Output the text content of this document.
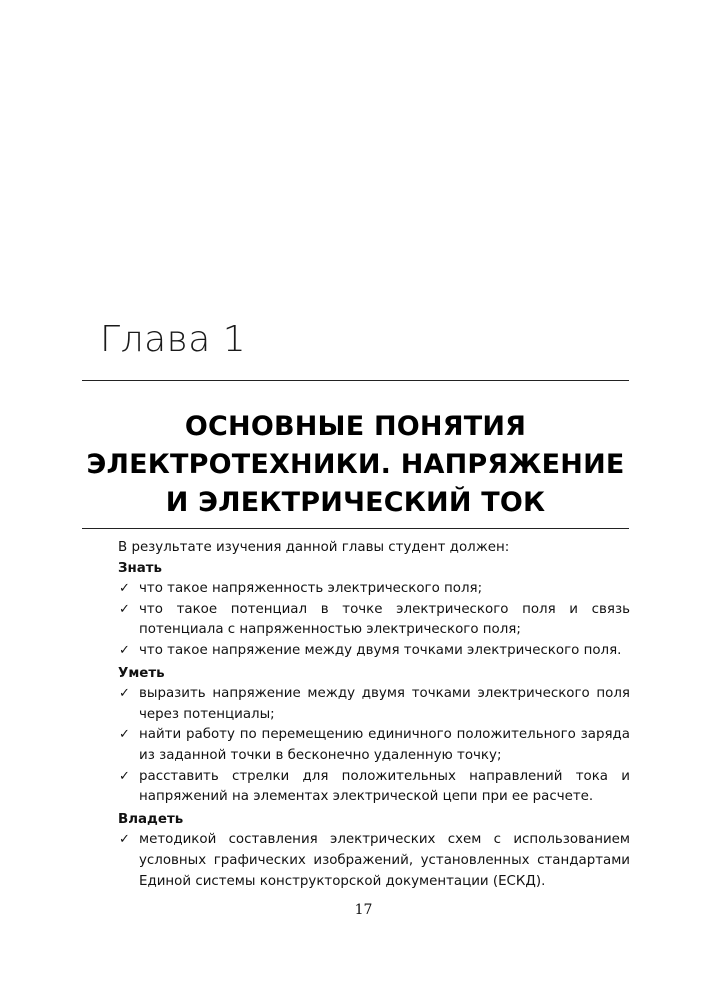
Глава 1
ОСНОВНЫЕ ПОНЯТИЯ
ЭЛЕКТРОТЕХНИКИ. НАПРЯЖЕНИЕ
И ЭЛЕКТРИЧЕСКИЙ ТОК

В результате изучения данной главы студент должен:

Знать

✓ что такое напряженность электрического поля;
✓ что такое потенциал в точке электрического поля и связь потенциала с напряженностью электрического поля;
✓ что такое напряжение между двумя точками электрического поля.

Уметь

✓ выразить напряжение между двумя точками электрического поля через потенциалы;
✓ найти работу по перемещению единичного положительного заряда из заданной точки в бесконечно удаленную точку;
✓ расставить стрелки для положительных направлений тока и напряжений на элементах электрической цепи при ее расчете.

Владеть

✓ методикой составления электрических схем с использованием условных графических изображений, установленных стандартами Единой системы конструкторской документации (ЕСКД).
17
